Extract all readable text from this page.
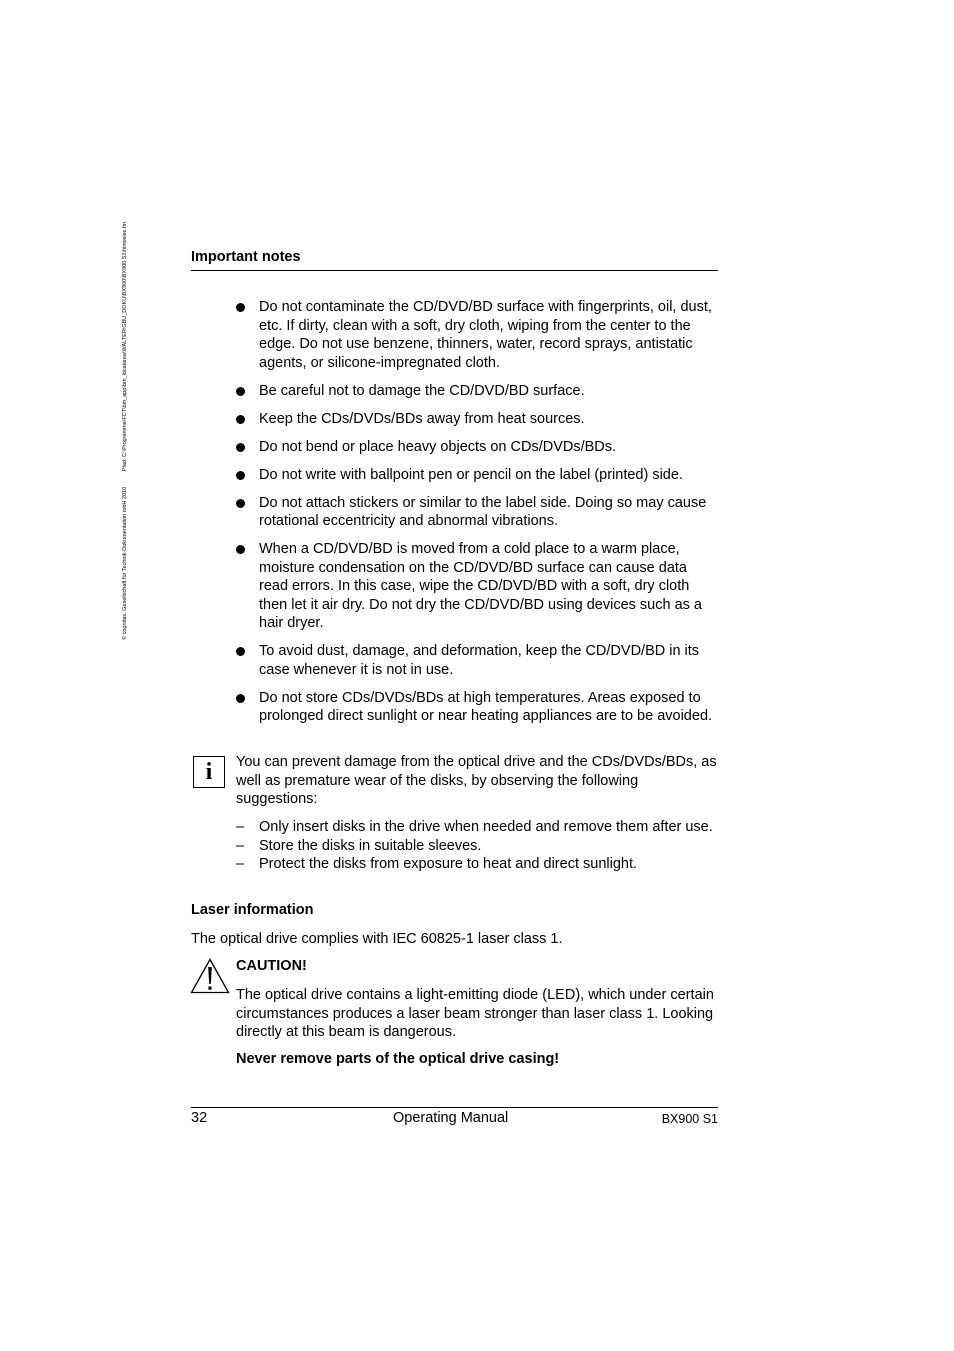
© cognitas. Gesellschaft für Technik-Dokumentation mbH 2010 Pfad: C:\Programme\FCT\bm_app\bm_localarea\WALTER\GBU_DOKU\BX900\BX900 S1\hinweise.fm	Important notes
Do not contaminate the CD/DVD/BD surface with fingerprints, oil, dust, etc. If dirty, clean with a soft, dry cloth, wiping from the center to the edge. Do not use benzene, thinners, water, record sprays, antistatic agents, or silicone-impregnated cloth.
Be careful not to damage the CD/DVD/BD surface.
Keep the CDs/DVDs/BDs away from heat sources.
Do not bend or place heavy objects on CDs/DVDs/BDs.
Do not write with ballpoint pen or pencil on the label (printed) side.
Do not attach stickers or similar to the label side. Doing so may cause rotational eccentricity and abnormal vibrations.
When a CD/DVD/BD is moved from a cold place to a warm place, moisture condensation on the CD/DVD/BD surface can cause data read errors. In this case, wipe the CD/DVD/BD with a soft, dry cloth then let it air dry. Do not dry the CD/DVD/BD using devices such as a hair dryer.
To avoid dust, damage, and deformation, keep the CD/DVD/BD in its case whenever it is not in use.
Do not store CDs/DVDs/BDs at high temperatures. Areas exposed to prolonged direct sunlight or near heating appliances are to be avoided.
i	You can prevent damage from the optical drive and the CDs/DVDs/BDs, as well as premature wear of the disks, by observing the following suggestions:
– Only insert disks in the drive when needed and remove them after use.
– Store the disks in suitable sleeves.
– Protect the disks from exposure to heat and direct sunlight.
Laser information
The optical drive complies with IEC 60825-1 laser class 1.
CAUTION!
The optical drive contains a light-emitting diode (LED), which under certain circumstances produces a laser beam stronger than laser class 1. Looking directly at this beam is dangerous.
Never remove parts of the optical drive casing!
32	Operating Manual	BX900 S1
